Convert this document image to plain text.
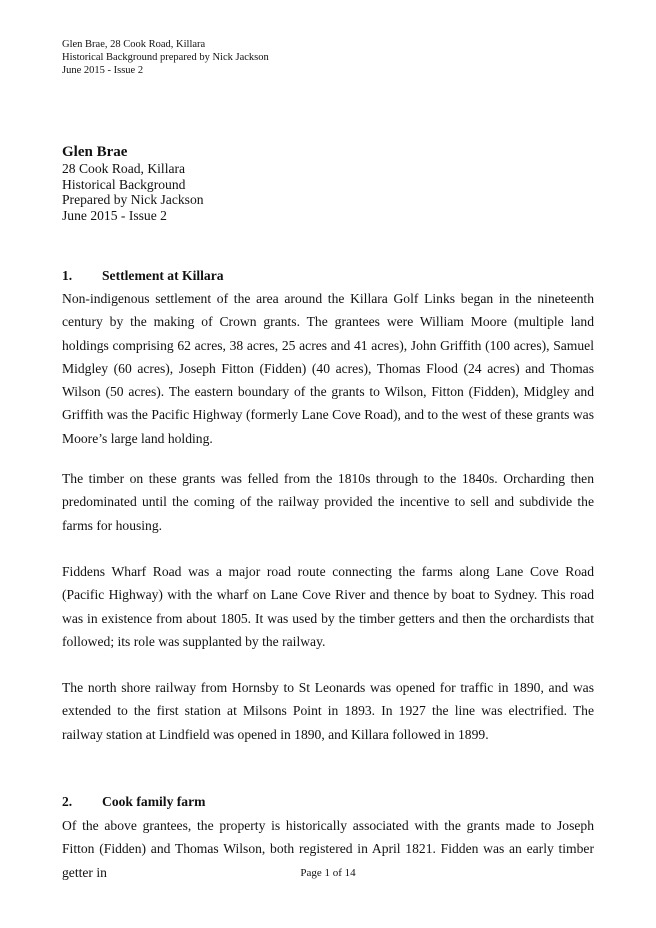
Glen Brae, 28 Cook Road, Killara
Historical Background prepared by Nick Jackson
June 2015 - Issue 2
Glen Brae
28 Cook Road, Killara
Historical Background
Prepared by Nick Jackson
June 2015 - Issue 2
1. Settlement at Killara
Non-indigenous settlement of the area around the Killara Golf Links began in the nineteenth century by the making of Crown grants. The grantees were William Moore (multiple land holdings comprising 62 acres, 38 acres, 25 acres and 41 acres), John Griffith (100 acres), Samuel Midgley (60 acres), Joseph Fitton (Fidden) (40 acres), Thomas Flood (24 acres) and Thomas Wilson (50 acres). The eastern boundary of the grants to Wilson, Fitton (Fidden), Midgley and Griffith was the Pacific Highway (formerly Lane Cove Road), and to the west of these grants was Moore’s large land holding.
The timber on these grants was felled from the 1810s through to the 1840s. Orcharding then predominated until the coming of the railway provided the incentive to sell and subdivide the farms for housing.
Fiddens Wharf Road was a major road route connecting the farms along Lane Cove Road (Pacific Highway) with the wharf on Lane Cove River and thence by boat to Sydney. This road was in existence from about 1805. It was used by the timber getters and then the orchardists that followed; its role was supplanted by the railway.
The north shore railway from Hornsby to St Leonards was opened for traffic in 1890, and was extended to the first station at Milsons Point in 1893. In 1927 the line was electrified. The railway station at Lindfield was opened in 1890, and Killara followed in 1899.
2. Cook family farm
Of the above grantees, the property is historically associated with the grants made to Joseph Fitton (Fidden) and Thomas Wilson, both registered in April 1821. Fidden was an early timber getter in	Page 1 of 14
